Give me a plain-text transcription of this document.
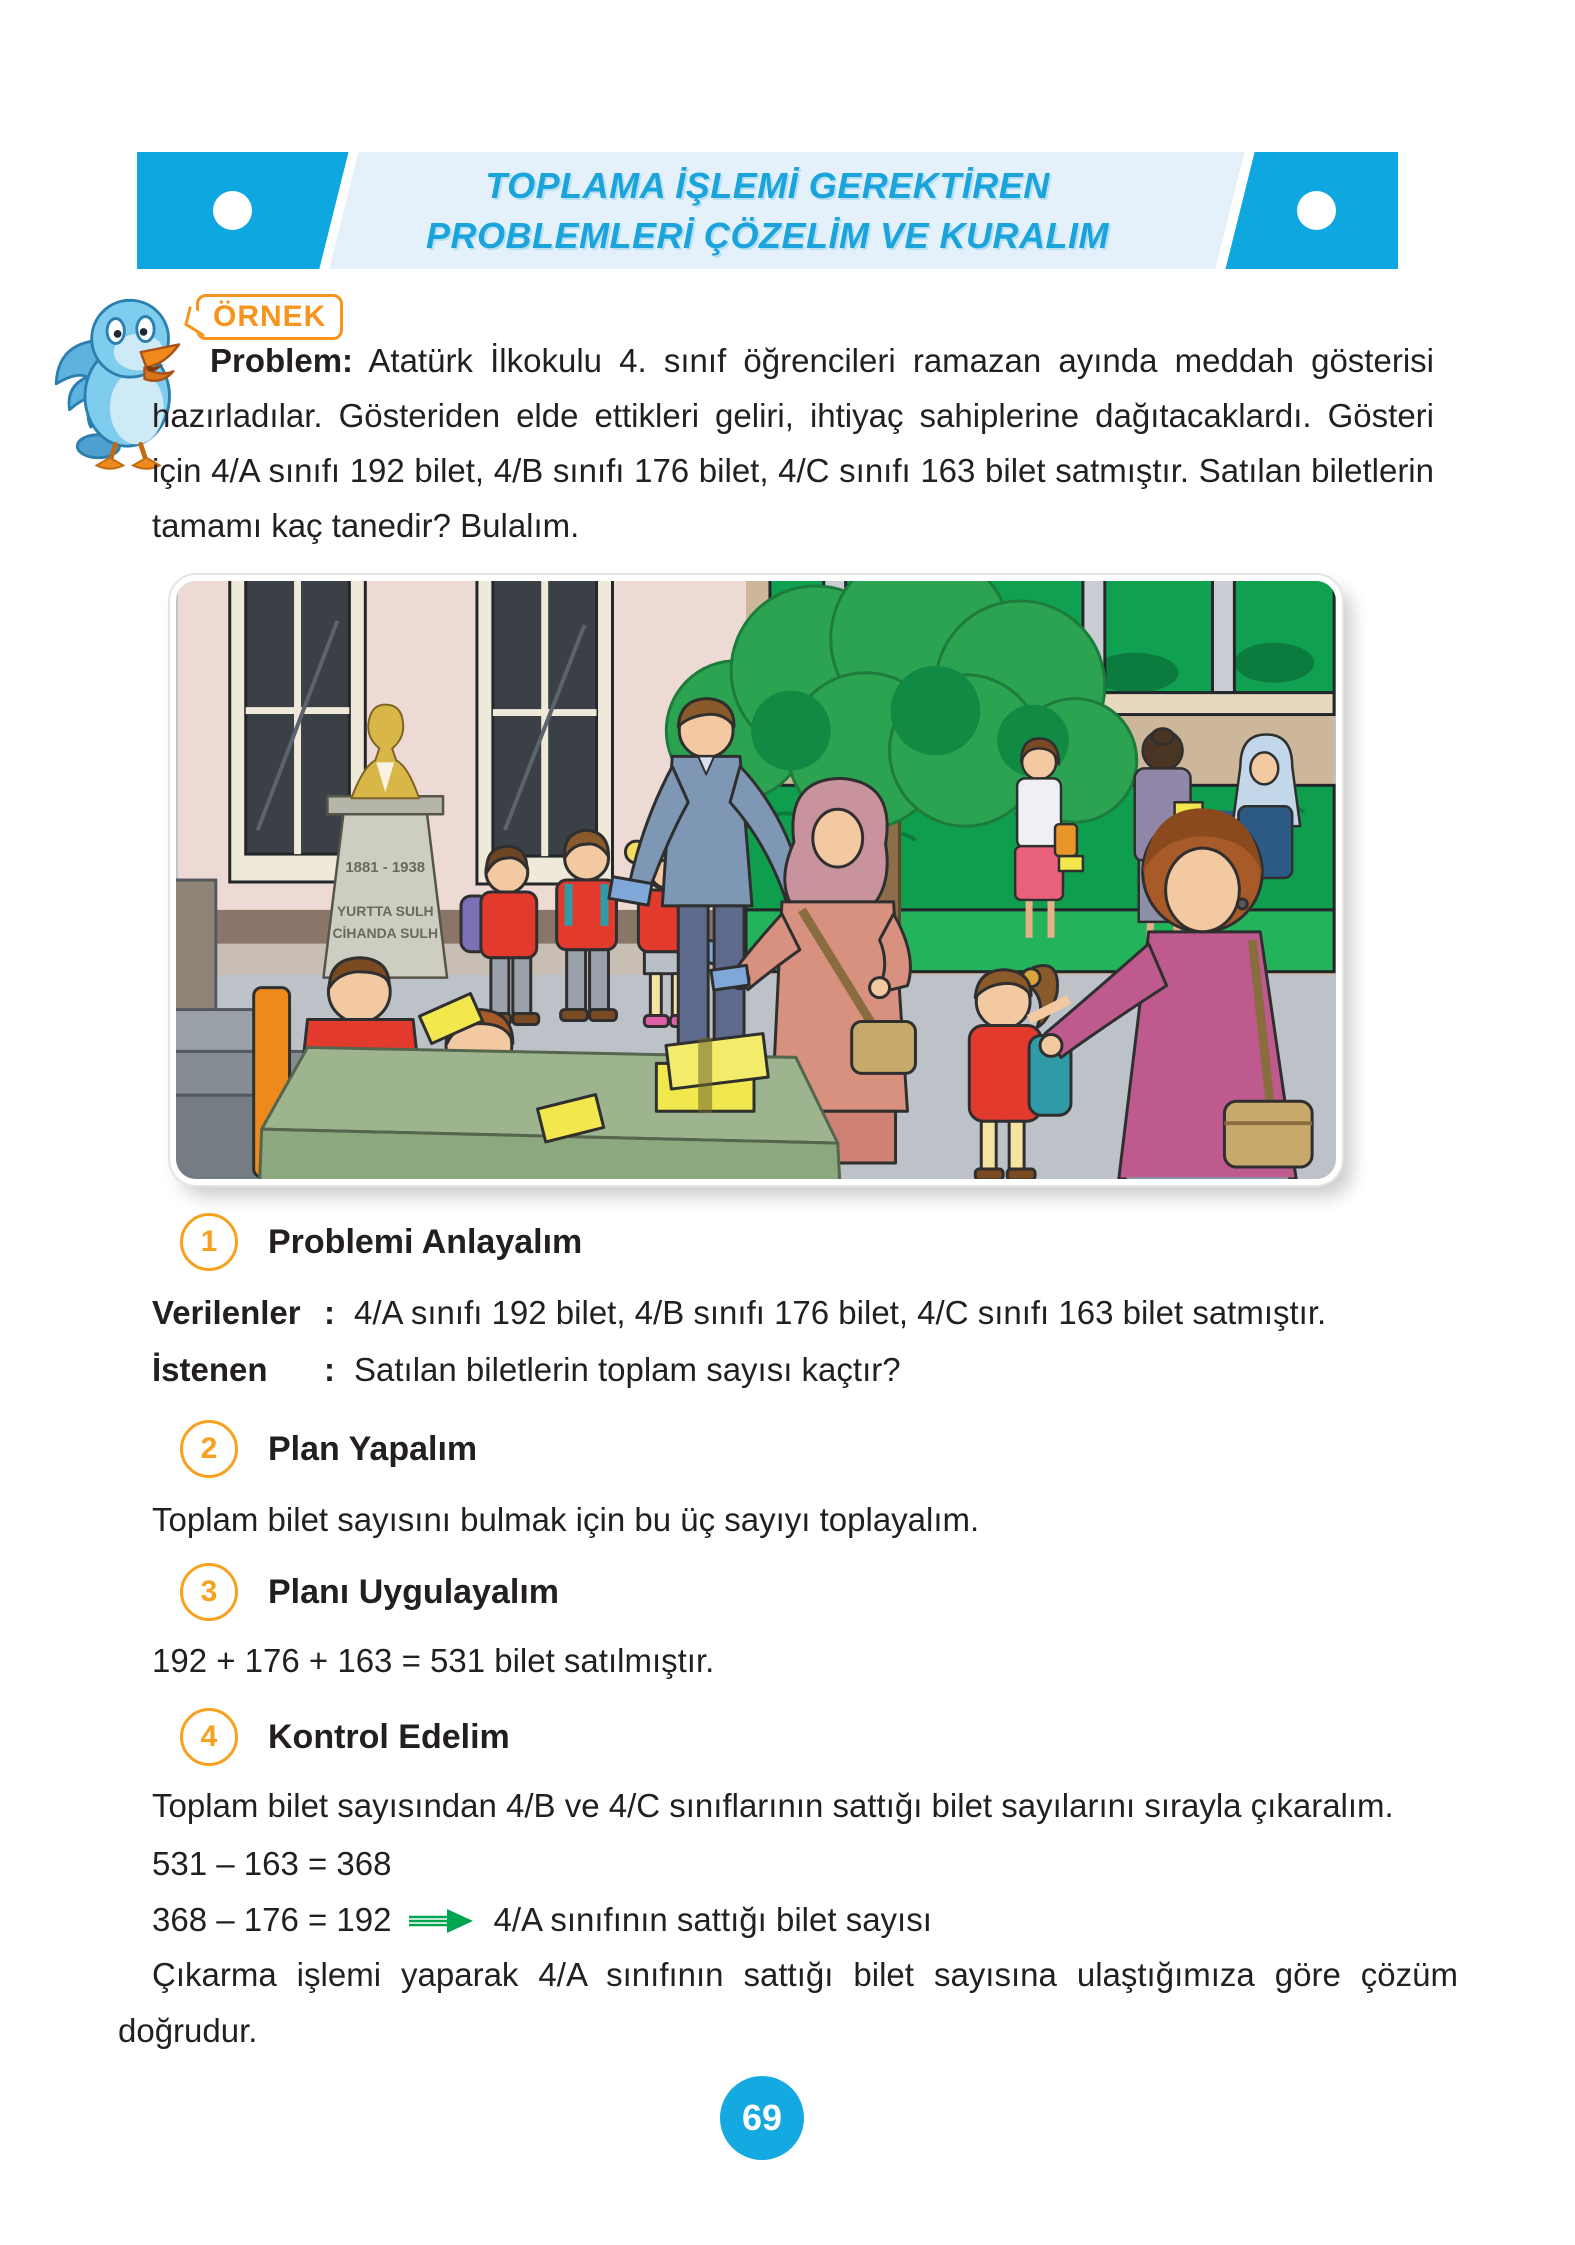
TOPLAMA İŞLEMİ GEREKTİREN
PROBLEMLERİ ÇÖZELİM VE KURALIM
ÖRNEK

Problem: Atatürk İlkokulu 4. sınıf öğrencileri ramazan ayında meddah gösterisi hazırladılar. Gösteriden elde ettikleri geliri, ihtiyaç sahiplerine dağıtacaklardı. Gösteri için 4/A sınıfı 192 bilet, 4/B sınıfı 176 bilet, 4/C sınıfı 163 bilet satmıştır. Satılan biletlerin tamamı kaç tanedir? Bulalım.

1881 - 1938
YURTTA SULH
CİHANDA SULH
1	Problemi Anlayalım
Verilenler : 4/A sınıfı 192 bilet, 4/B sınıfı 176 bilet, 4/C sınıfı 163 bilet satmıştır.
İstenen	: Satılan biletlerin toplam sayısı kaçtır?
2	Plan Yapalım
Toplam bilet sayısını bulmak için bu üç sayıyı toplayalım.
3	Planı Uygulayalım
192 + 176 + 163 = 531 bilet satılmıştır.
4	Kontrol Edelim
Toplam bilet sayısından 4/B ve 4/C sınıflarının sattığı bilet sayılarını sırayla çıkaralım.
531 – 163 = 368
368 – 176 = 192	4/A sınıfının sattığı bilet sayısı

Çıkarma işlemi yaparak 4/A sınıfının sattığı bilet sayısına ulaştığımıza göre çözüm doğrudur.

69
